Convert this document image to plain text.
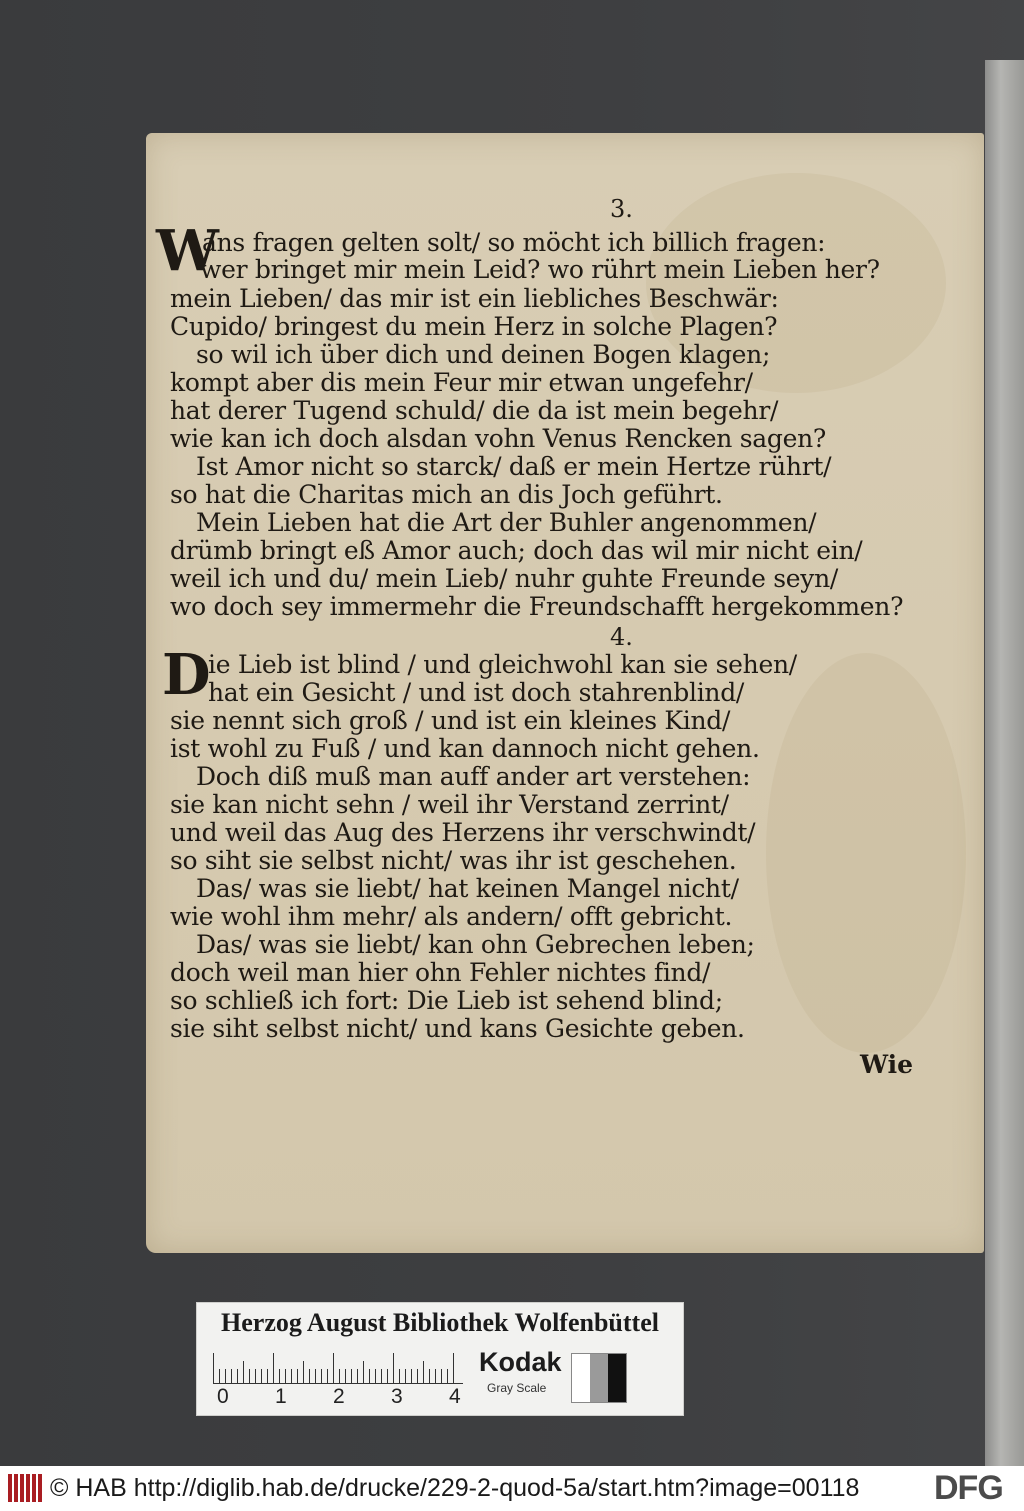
3.
W
ans fragen gelten solt/ so möcht ich billich fragen:
wer bringet mir mein Leid? wo rührt mein Lieben her?
mein Lieben/ das mir ist ein liebliches Beschwär:
Cupido/ bringest du mein Herz in solche Plagen?
so wil ich über dich und deinen Bogen klagen;
kompt aber dis mein Feur mir etwan ungefehr/
hat derer Tugend schuld/ die da ist mein begehr/
wie kan ich doch alsdan vohn Venus Rencken sagen?
Ist Amor nicht so starck/ daß er mein Hertze rührt/
so hat die Charitas mich an dis Joch geführt.
Mein Lieben hat die Art der Buhler angenommen/
drümb bringt eß Amor auch; doch das wil mir nicht ein/
weil ich und du/ mein Lieb/ nuhr guhte Freunde seyn/
wo doch sey immermehr die Freundschafft hergekommen?
4.
D
ie Lieb ist blind / und gleichwohl kan sie sehen/
hat ein Gesicht / und ist doch stahrenblind/
sie nennt sich groß / und ist ein kleines Kind/
ist wohl zu Fuß / und kan dannoch nicht gehen.
Doch diß muß man auff ander art verstehen:
sie kan nicht sehn / weil ihr Verstand zerrint/
und weil das Aug des Herzens ihr verschwindt/
so siht sie selbst nicht/ was ihr ist geschehen.
Das/ was sie liebt/ hat keinen Mangel nicht/
wie wohl ihm mehr/ als andern/ offt gebricht.
Das/ was sie liebt/ kan ohn Gebrechen leben;
doch weil man hier ohn Fehler nichtes find/
so schließ ich fort: Die Lieb ist sehend blind;
sie siht selbst nicht/ und kans Gesichte geben.
Wie
Herzog August Bibliothek Wolfenbüttel
0 1 2 3 4
Kodak
Gray Scale
© HAB http://diglib.hab.de/drucke/229-2-quod-5a/start.htm?image=00118 DFG
